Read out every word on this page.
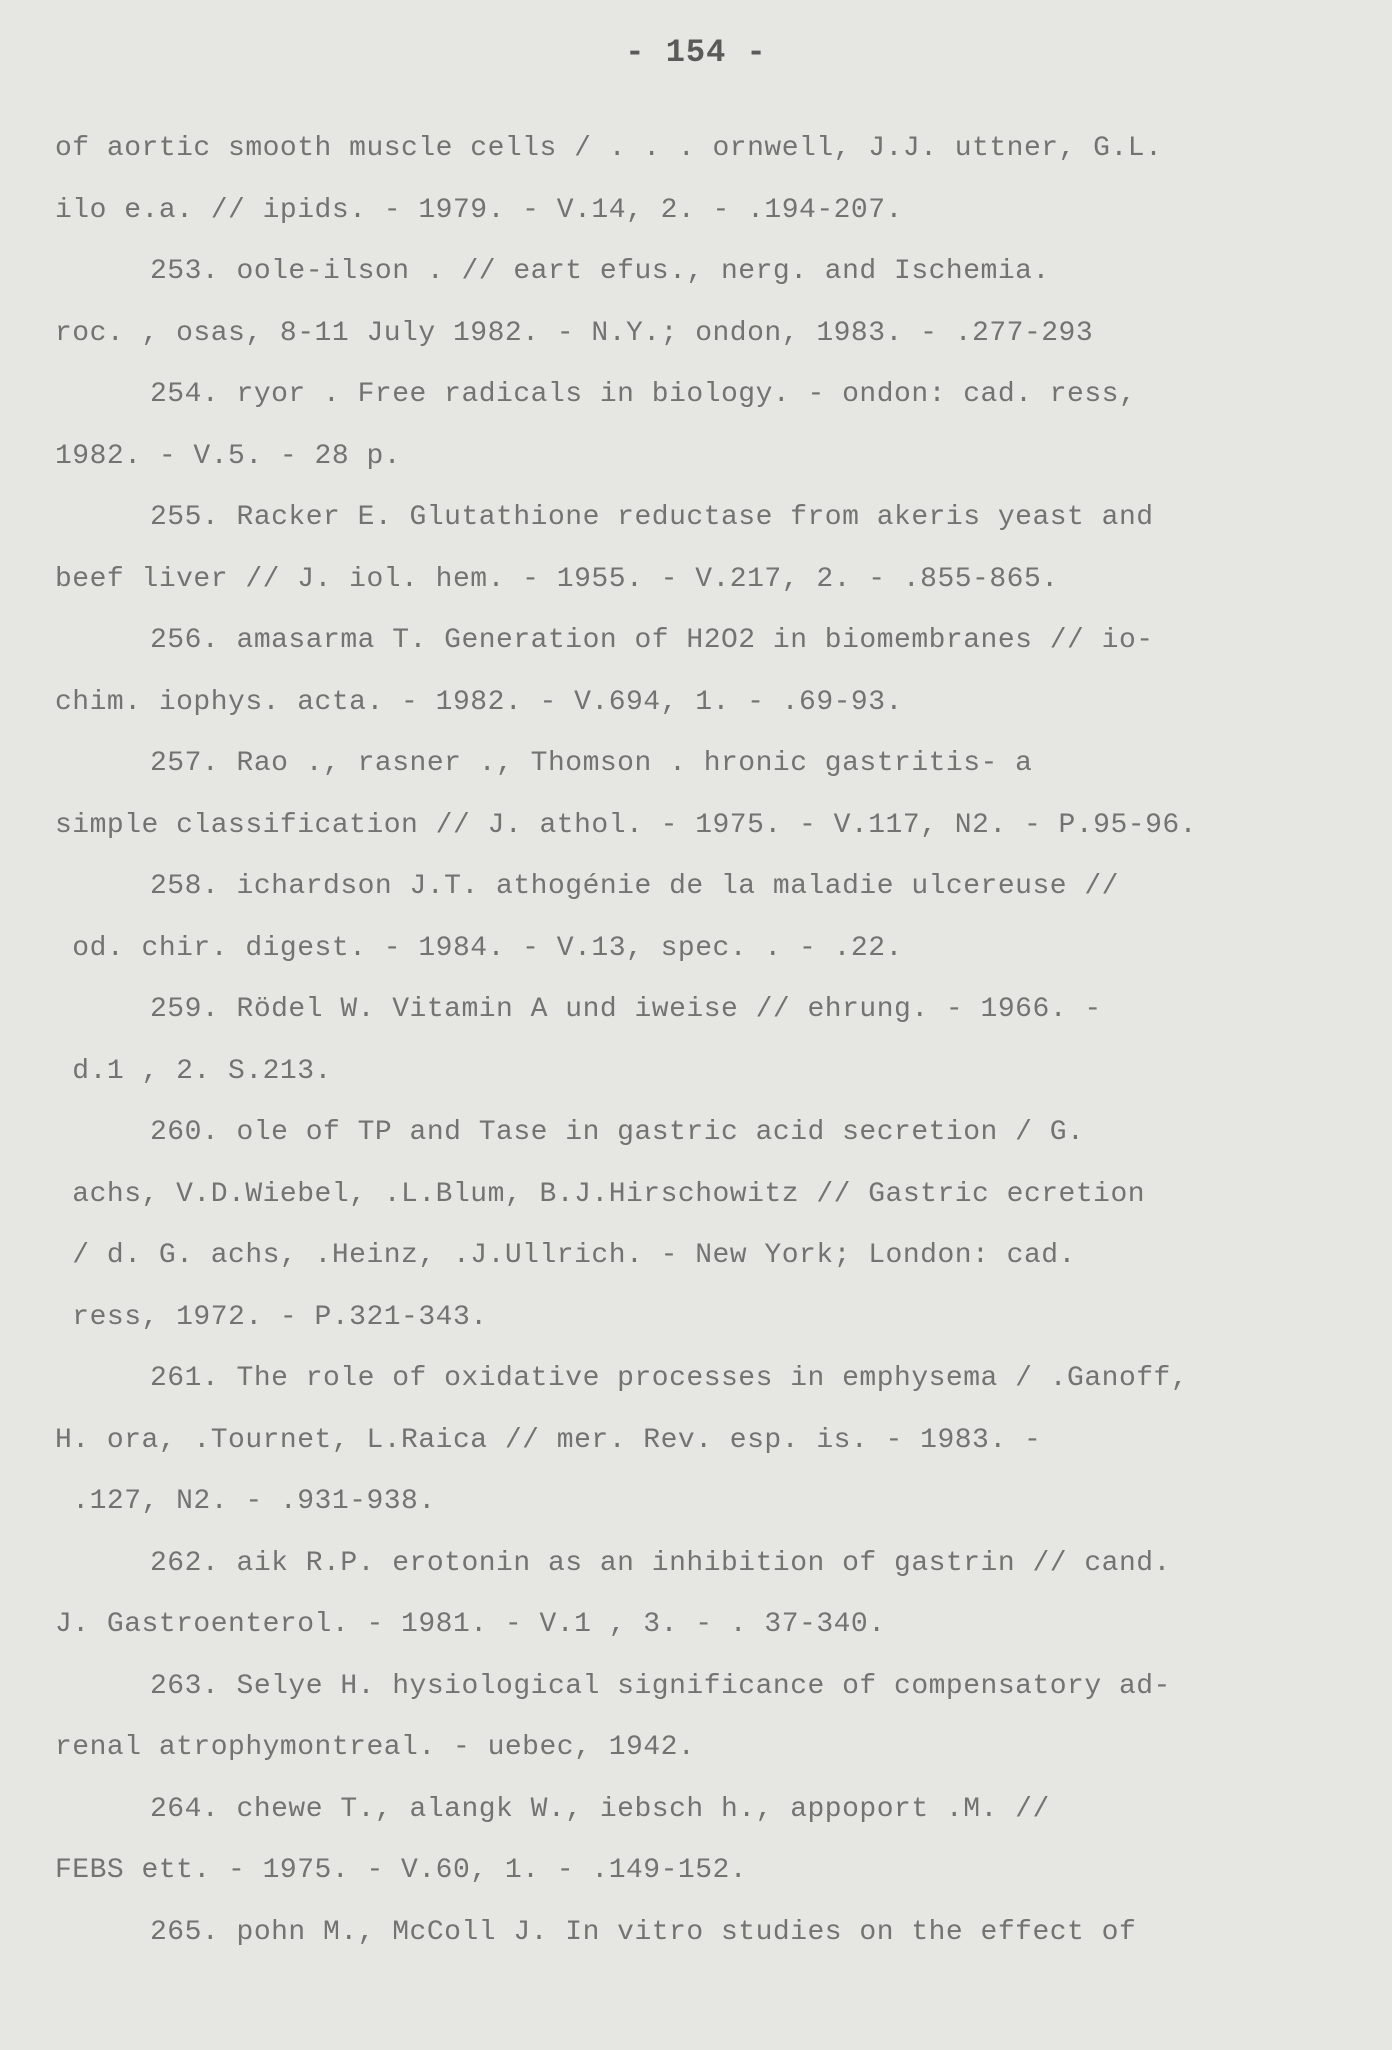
- 154 -
of aortic smooth muscle cells / . . . ornwell, J.J. uttner, G.L.
ilo e.a. // ipids. - 1979. - V.14, 2. - .194-207.
253. oole-ilson . // eart efus., nerg. and Ischemia.
roc. , osas, 8-11 July 1982. - N.Y.; ondon, 1983. - .277-293
254. ryor . Free radicals in biology. - ondon: cad. ress,
1982. - V.5. - 28 p.
255. Racker E. Glutathione reductase from akeris yeast and
beef liver // J. iol. hem. - 1955. - V.217, 2. - .855-865.
256. amasarma T. Generation of H2O2 in biomembranes // io-
chim. iophys. acta. - 1982. - V.694, 1. - .69-93.
257. Rao ., rasner ., Thomson . hronic gastritis- a
simple classification // J. athol. - 1975. - V.117, N2. - P.95-96.
258. ichardson J.T. athogénie de la maladie ulcereuse //
od. chir. digest. - 1984. - V.13, spec. . - .22.
259. Rödel W. Vitamin A und iweise // ehrung. - 1966. -
d.1 , 2. S.213.
260. ole of TP and Tase in gastric acid secretion / G.
achs, V.D.Wiebel, .L.Blum, B.J.Hirschowitz // Gastric ecretion
/ d. G. achs, .Heinz, .J.Ullrich. - New York; London: cad.
ress, 1972. - P.321-343.
261. The role of oxidative processes in emphysema / .Ganoff,
H. ora, .Tournet, L.Raica // mer. Rev. esp. is. - 1983. -
.127, N2. - .931-938.
262. aik R.P. erotonin as an inhibition of gastrin // cand.
J. Gastroenterol. - 1981. - V.1 , 3. - . 37-340.
263. Selye H. hysiological significance of compensatory ad-
renal atrophymontreal. - uebec, 1942.
264. chewe T., alangk W., iebsch h., appoport .M. //
FEBS ett. - 1975. - V.60, 1. - .149-152.
265. pohn M., McColl J. In vitro studies on the effect of
